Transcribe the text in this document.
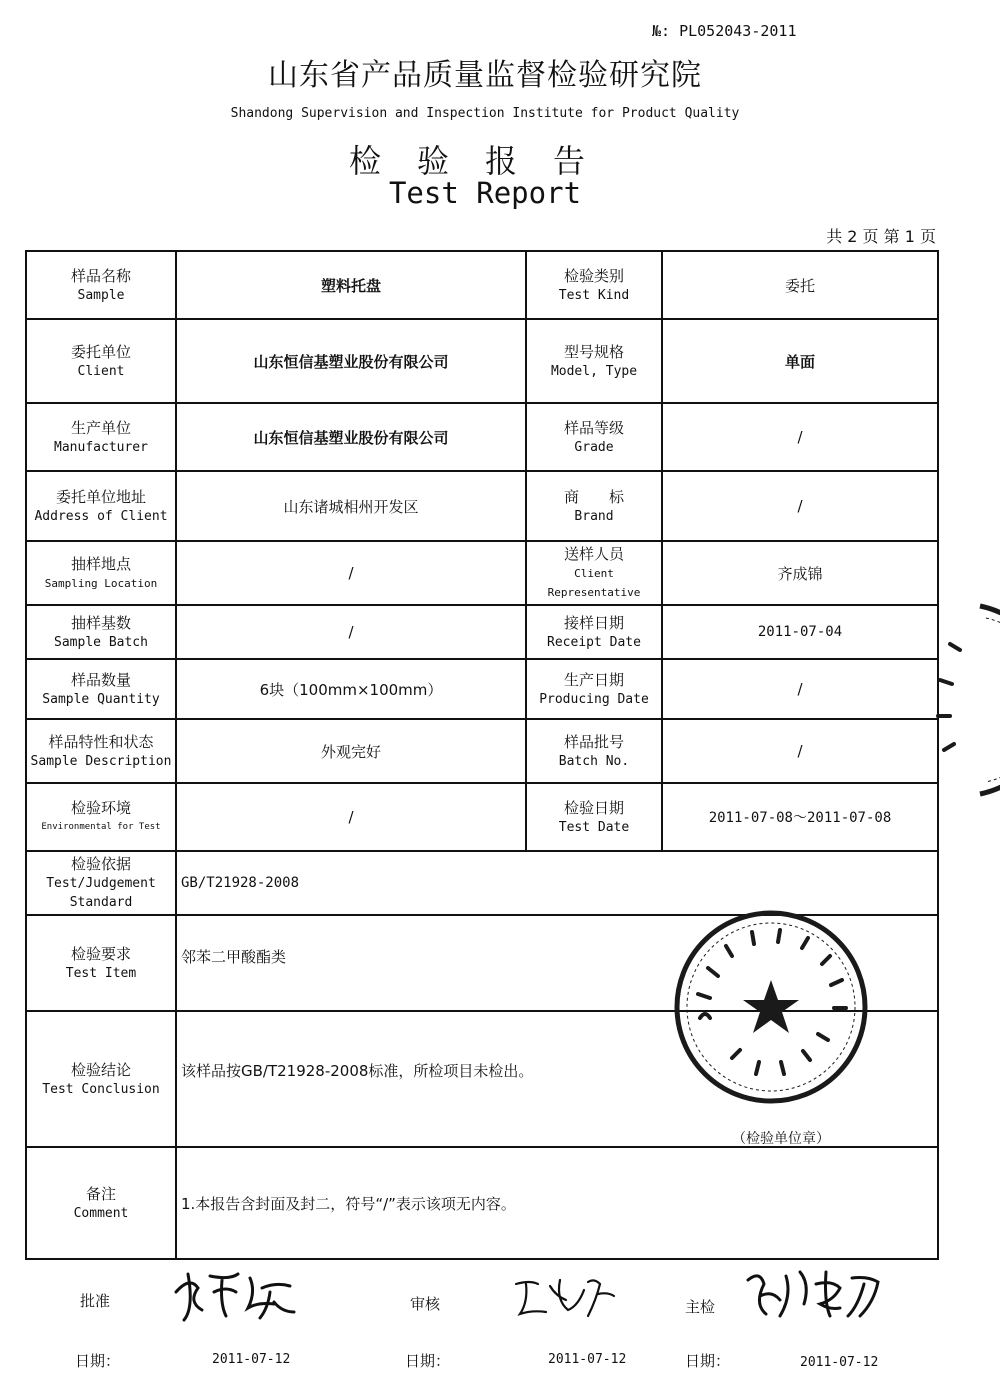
№: PL052043-2011
山东省产品质量监督检验研究院
Shandong Supervision and Inspection Institute for Product Quality
检验报告
Test Report
共 2 页 第 1 页
样品名称
Sample	塑料托盘	检验类别
Test Kind	委托

委托单位
Client	山东恒信基塑业股份有限公司	型号规格
Model, Type	单面

生产单位
Manufacturer	山东恒信基塑业股份有限公司	样品等级
Grade	/

委托单位地址
Address of Client	山东诸城相州开发区	商　　标
Brand	/

抽样地点
Sampling Location	/	送样人员
Client
Representative	齐成锦

抽样基数
Sample Batch	/	接样日期
Receipt Date	2011-07-04

样品数量
Sample Quantity	6块（100mm×100mm）	生产日期
Producing Date	/

样品特性和状态
Sample Description	外观完好	样品批号
Batch No.	/

检验环境
Environmental for Test	/	检验日期
Test Date	2011-07-08～2011-07-08

检验依据
Test/Judgement
Standard	GB/T21928-2008		

检验要求
Test Item	邻苯二甲酸酯类		

检验结论
Test Conclusion	该样品按GB/T21928-2008标准，所检项目未检出。		

备注
Comment	1.本报告含封面及封二，符号“/”表示该项无内容。		
（检验单位章）
批准	审核	主检
日期：	2011-07-12	日期：	2011-07-12	日期：	2011-07-12
